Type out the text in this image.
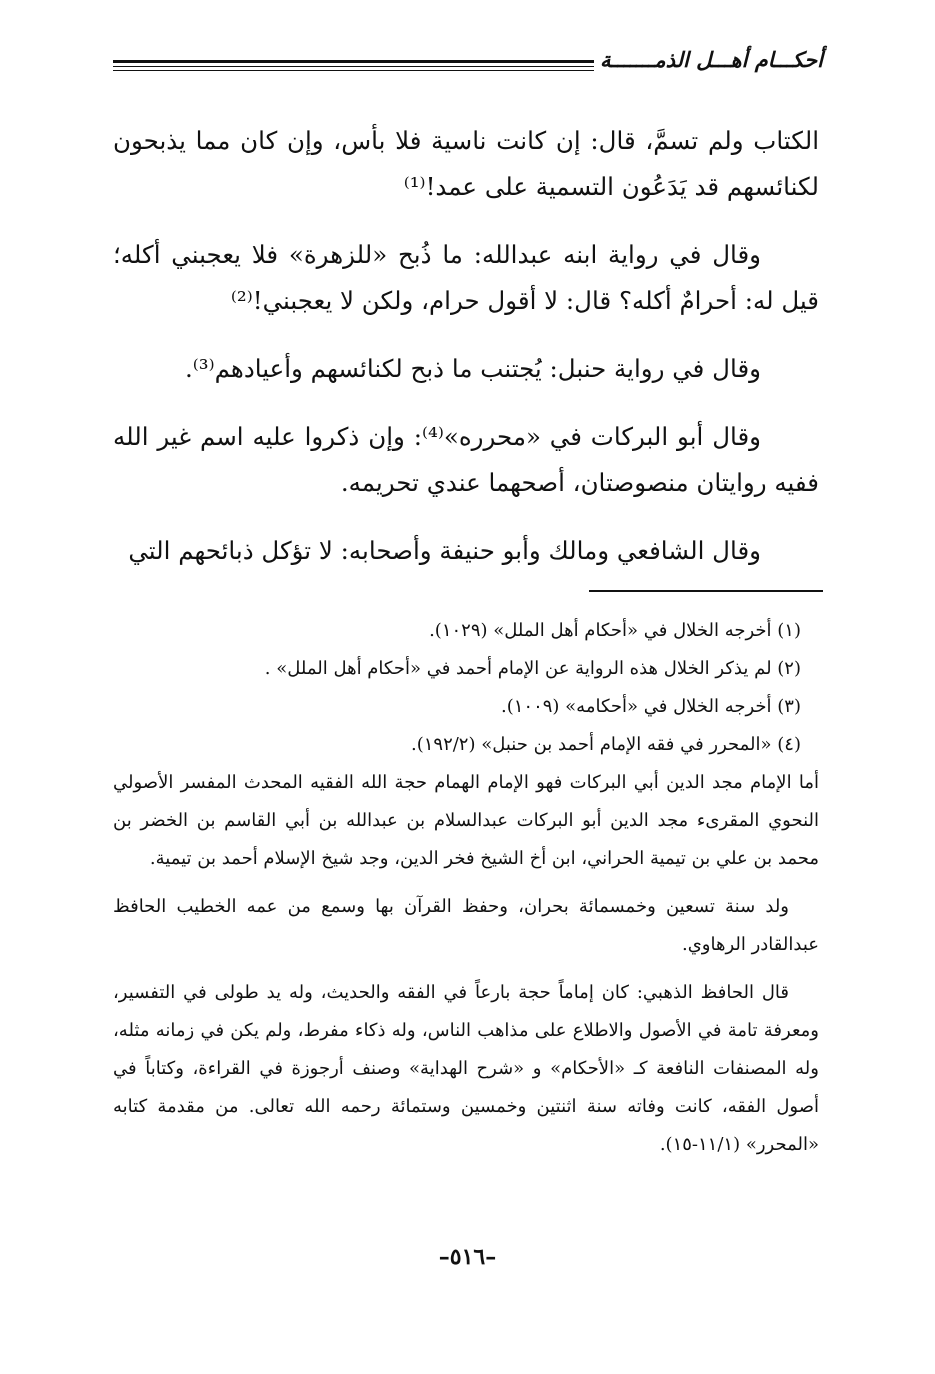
أحكـــام أهـــل الذمـــــــة

الكتاب ولم تسمَّ، قال: إن كانت ناسية فلا بأس، وإن كان مما يذبحون لكنائسهم قد يَدَعُون التسمية على عمد!⁽¹⁾

وقال في رواية ابنه عبدالله: ما ذُبح «للزهرة» فلا يعجبني أكله؛ قيل له: أحرامٌ أكله؟ قال: لا أقول حرام، ولكن لا يعجبني!⁽²⁾

وقال في رواية حنبل: يُجتنب ما ذبح لكنائسهم وأعيادهم⁽³⁾.

وقال أبو البركات في «محرره»⁽⁴⁾: وإن ذكروا عليه اسم غير الله ففيه روايتان منصوصتان، أصحهما عندي تحريمه.

وقال الشافعي ومالك وأبو حنيفة وأصحابه: لا تؤكل ذبائحهم التي

(١) أخرجه الخلال في «أحكام أهل الملل» (١٠٢٩).

(٢) لم يذكر الخلال هذه الرواية عن الإمام أحمد في «أحكام أهل الملل» .

(٣) أخرجه الخلال في «أحكامه» (١٠٠٩).

(٤) «المحرر في فقه الإمام أحمد بن حنبل» (١٩٢/٢).

أما الإمام مجد الدين أبي البركات فهو الإمام الهمام حجة الله الفقيه المحدث المفسر الأصولي النحوي المقرىء مجد الدين أبو البركات عبدالسلام بن عبدالله بن أبي القاسم بن الخضر بن محمد بن علي بن تيمية الحراني، ابن أخ الشيخ فخر الدين، وجد شيخ الإسلام أحمد بن تيمية.

ولد سنة تسعين وخمسمائة بحران، وحفظ القرآن بها وسمع من عمه الخطيب الحافظ عبدالقادر الرهاوي.

قال الحافظ الذهبي: كان إماماً حجة بارعاً في الفقه والحديث، وله يد طولى في التفسير، ومعرفة تامة في الأصول والاطلاع على مذاهب الناس، وله ذكاء مفرط، ولم يكن في زمانه مثله، وله المصنفات النافعة كـ «الأحكام» و «شرح الهداية» وصنف أرجوزة في القراءة، وكتاباً في أصول الفقه، كانت وفاته سنة اثنتين وخمسين وستمائة رحمه الله تعالى. من مقدمة كتابه «المحرر» (١١/١-١٥).

–٥١٦–
